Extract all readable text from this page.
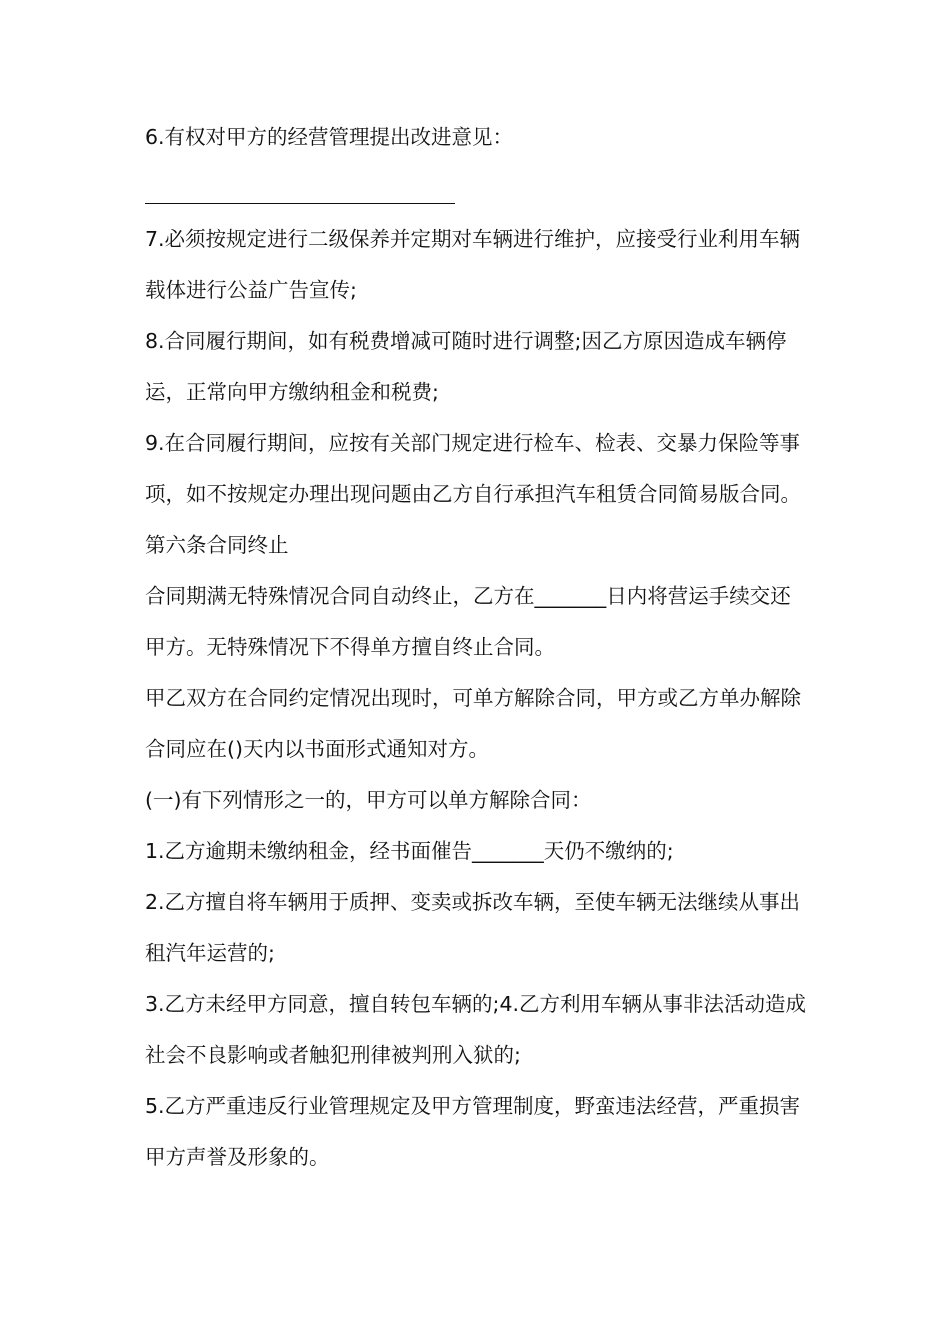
6.有权对甲方的经营管理提出改进意见：

7.必须按规定进行二级保养并定期对车辆进行维护，应接受行业利用车辆载体进行公益广告宣传;

8.合同履行期间，如有税费增减可随时进行调整;因乙方原因造成车辆停运，正常向甲方缴纳租金和税费;

9.在合同履行期间，应按有关部门规定进行检车、检表、交暴力保险等事项，如不按规定办理出现问题由乙方自行承担汽车租赁合同简易版合同。

第六条合同终止

合同期满无特殊情况合同自动终止，乙方在_______日内将营运手续交还甲方。无特殊情况下不得单方擅自终止合同。

甲乙双方在合同约定情况出现时，可单方解除合同，甲方或乙方单办解除合同应在()天内以书面形式通知对方。

(一)有下列情形之一的，甲方可以单方解除合同：

1.乙方逾期未缴纳租金，经书面催告_______天仍不缴纳的;

2.乙方擅自将车辆用于质押、变卖或拆改车辆，至使车辆无法继续从事出租汽年运营的;

3.乙方未经甲方同意，擅自转包车辆的;4.乙方利用车辆从事非法活动造成社会不良影响或者触犯刑律被判刑入狱的;

5.乙方严重违反行业管理规定及甲方管理制度，野蛮违法经营，严重损害甲方声誉及形象的。
